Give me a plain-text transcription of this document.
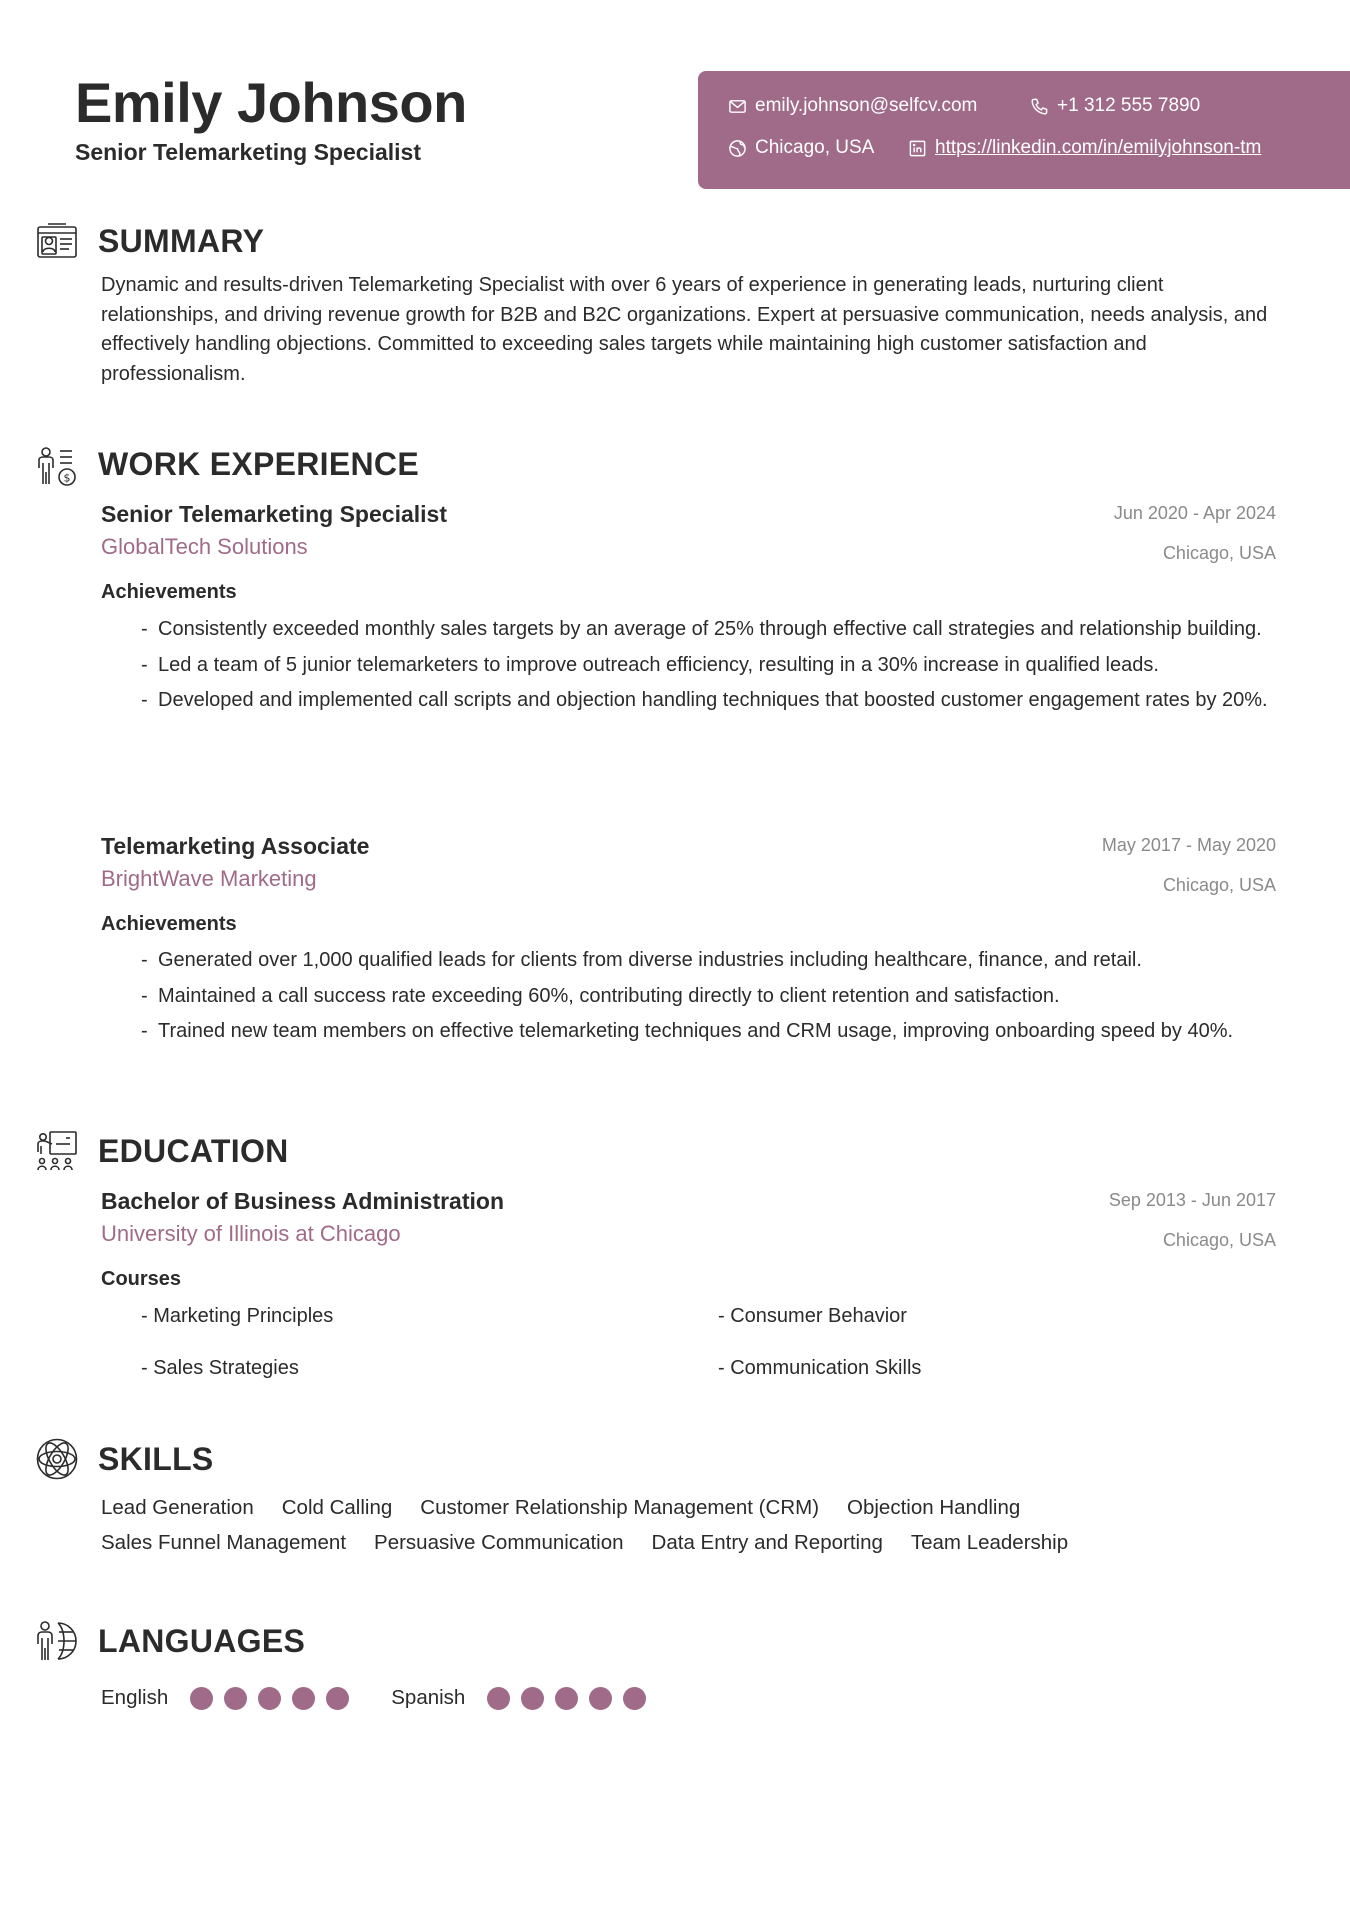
Emily Johnson
Senior Telemarketing Specialist
emily.johnson@selfcv.com	+1 312 555 7890
Chicago, USA	https://linkedin.com/in/emilyjohnson-tm
SUMMARY

Dynamic and results-driven Telemarketing Specialist with over 6 years of experience in generating leads, nurturing client relationships, and driving revenue growth for B2B and B2C organizations. Expert at persuasive communication, needs analysis, and effectively handling objections. Committed to exceeding sales targets while maintaining high customer satisfaction and professionalism.

$ WORK EXPERIENCE
Senior Telemarketing Specialist
GlobalTech Solutions
Jun 2020 - Apr 2024
Chicago, USA
Achievements
- Consistently exceeded monthly sales targets by an average of 25% through effective call strategies and relationship building.
- Led a team of 5 junior telemarketers to improve outreach efficiency, resulting in a 30% increase in qualified leads.
- Developed and implemented call scripts and objection handling techniques that boosted customer engagement rates by 20%.
Telemarketing Associate
BrightWave Marketing
May 2017 - May 2020
Chicago, USA
Achievements
- Generated over 1,000 qualified leads for clients from diverse industries including healthcare, finance, and retail.
- Maintained a call success rate exceeding 60%, contributing directly to client retention and satisfaction.
- Trained new team members on effective telemarketing techniques and CRM usage, improving onboarding speed by 40%.
EDUCATION
Bachelor of Business Administration
University of Illinois at Chicago
Sep 2013 - Jun 2017
Chicago, USA
Courses
- Marketing Principles	- Consumer Behavior
- Sales Strategies	- Communication Skills
SKILLS
Lead Generation Cold Calling Customer Relationship Management (CRM) Objection Handling
Sales Funnel Management Persuasive Communication Data Entry and Reporting Team Leadership
LANGUAGES
English	Spanish
